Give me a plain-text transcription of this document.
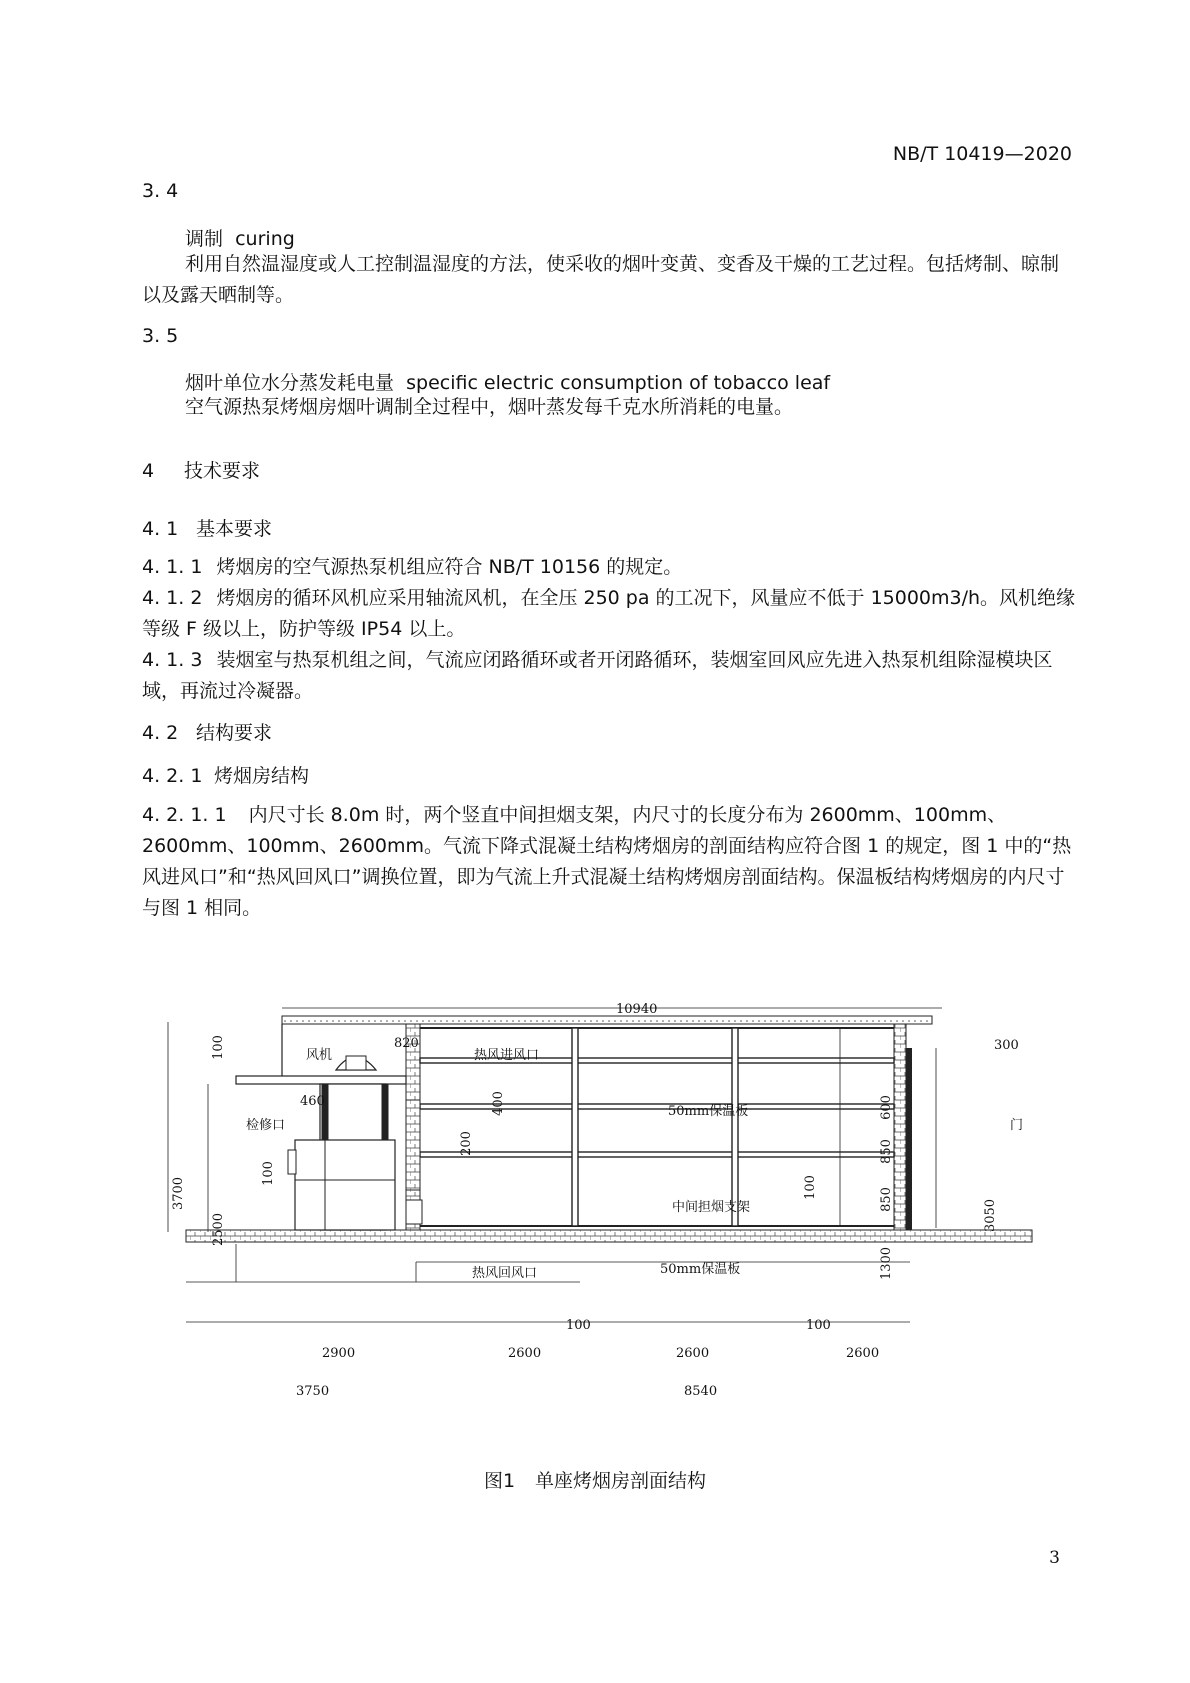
NB/T 10419—2020
3. 4
调制 curing
利用自然温湿度或人工控制温湿度的方法，使采收的烟叶变黄、变香及干燥的工艺过程。包括烤制、晾制以及露天晒制等。
3. 5
烟叶单位水分蒸发耗电量 specific electric consumption of tobacco leaf
空气源热泵烤烟房烟叶调制全过程中，烟叶蒸发每千克水所消耗的电量。
4 技术要求
4. 1 基本要求
4. 1. 1 烤烟房的空气源热泵机组应符合 NB/T 10156 的规定。
4. 1. 2 烤烟房的循环风机应采用轴流风机，在全压 250 pa 的工况下，风量应不低于 15000m3/h。风机绝缘等级 F 级以上，防护等级 IP54 以上。
4. 1. 3 装烟室与热泵机组之间，气流应闭路循环或者开闭路循环，装烟室回风应先进入热泵机组除湿模块区域，再流过冷凝器。
4. 2 结构要求
4. 2. 1 烤烟房结构
4. 2. 1. 1 内尺寸长 8.0m 时，两个竖直中间担烟支架，内尺寸的长度分布为 2600mm、100mm、2600mm、100mm、2600mm。气流下降式混凝土结构烤烟房的剖面结构应符合图 1 的规定，图 1 中的“热风进风口”和“热风回风口”调换位置，即为气流上升式混凝土结构烤烟房剖面结构。保温板结构烤烟房的内尺寸与图 1 相同。
10940
300
100	风机
820
热风进风口
460	400	50mm保温板	600
门
检修口
200	850
100
3700	100	850
中间担烟支架	3050
2500
1300
热风回风口	50mm保温板
100	100
2900	2600	2600	2600
3750	8540
图1 单座烤烟房剖面结构
3
